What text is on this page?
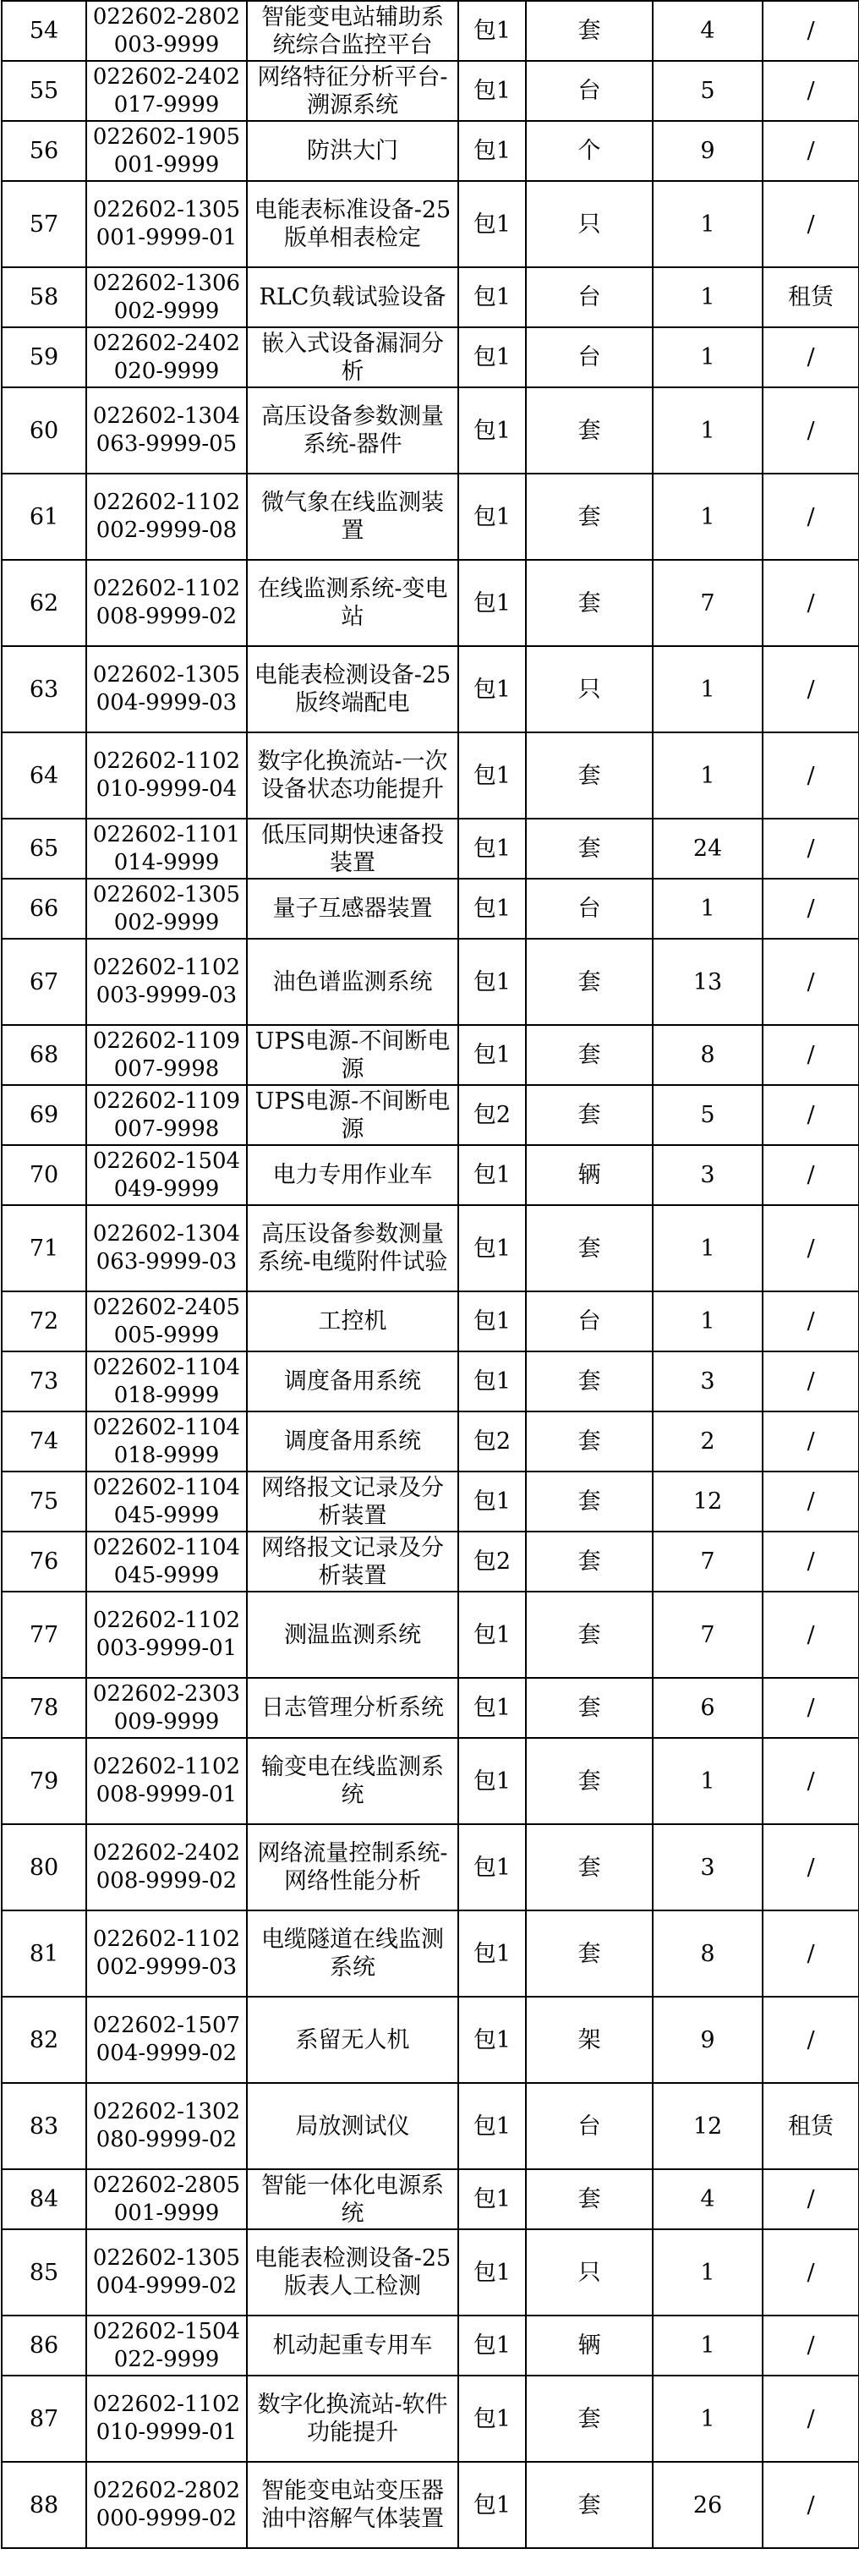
54	022602-2802003-9999	智能变电站辅助系统综合监控平台	包1	套	4	/
55	022602-2402017-9999	网络特征分析平台-溯源系统	包1	台	5	/
56	022602-1905001-9999	防洪大门	包1	个	9	/
57	022602-1305001-9999-01	电能表标准设备-25版单相表检定	包1	只	1	/
58	022602-1306002-9999	RLC负载试验设备	包1	台	1	租赁
59	022602-2402020-9999	嵌入式设备漏洞分析	包1	台	1	/
60	022602-1304063-9999-05	高压设备参数测量系统-器件	包1	套	1	/
61	022602-1102002-9999-08	微气象在线监测装置	包1	套	1	/
62	022602-1102008-9999-02	在线监测系统-变电站	包1	套	7	/
63	022602-1305004-9999-03	电能表检测设备-25版终端配电	包1	只	1	/
64	022602-1102010-9999-04	数字化换流站-一次设备状态功能提升	包1	套	1	/
65	022602-1101014-9999	低压同期快速备投装置	包1	套	24	/
66	022602-1305002-9999	量子互感器装置	包1	台	1	/
67	022602-1102003-9999-03	油色谱监测系统	包1	套	13	/
68	022602-1109007-9998	UPS电源-不间断电源	包1	套	8	/
69	022602-1109007-9998	UPS电源-不间断电源	包2	套	5	/
70	022602-1504049-9999	电力专用作业车	包1	辆	3	/
71	022602-1304063-9999-03	高压设备参数测量系统-电缆附件试验	包1	套	1	/
72	022602-2405005-9999	工控机	包1	台	1	/
73	022602-1104018-9999	调度备用系统	包1	套	3	/
74	022602-1104018-9999	调度备用系统	包2	套	2	/
75	022602-1104045-9999	网络报文记录及分析装置	包1	套	12	/
76	022602-1104045-9999	网络报文记录及分析装置	包2	套	7	/
77	022602-1102003-9999-01	测温监测系统	包1	套	7	/
78	022602-2303009-9999	日志管理分析系统	包1	套	6	/
79	022602-1102008-9999-01	输变电在线监测系统	包1	套	1	/
80	022602-2402008-9999-02	网络流量控制系统-网络性能分析	包1	套	3	/
81	022602-1102002-9999-03	电缆隧道在线监测系统	包1	套	8	/
82	022602-1507004-9999-02	系留无人机	包1	架	9	/
83	022602-1302080-9999-02	局放测试仪	包1	台	12	租赁
84	022602-2805001-9999	智能一体化电源系统	包1	套	4	/
85	022602-1305004-9999-02	电能表检测设备-25版表人工检测	包1	只	1	/
86	022602-1504022-9999	机动起重专用车	包1	辆	1	/
87	022602-1102010-9999-01	数字化换流站-软件功能提升	包1	套	1	/
88	022602-2802000-9999-02	智能变电站变压器油中溶解气体装置	包1	套	26	/
